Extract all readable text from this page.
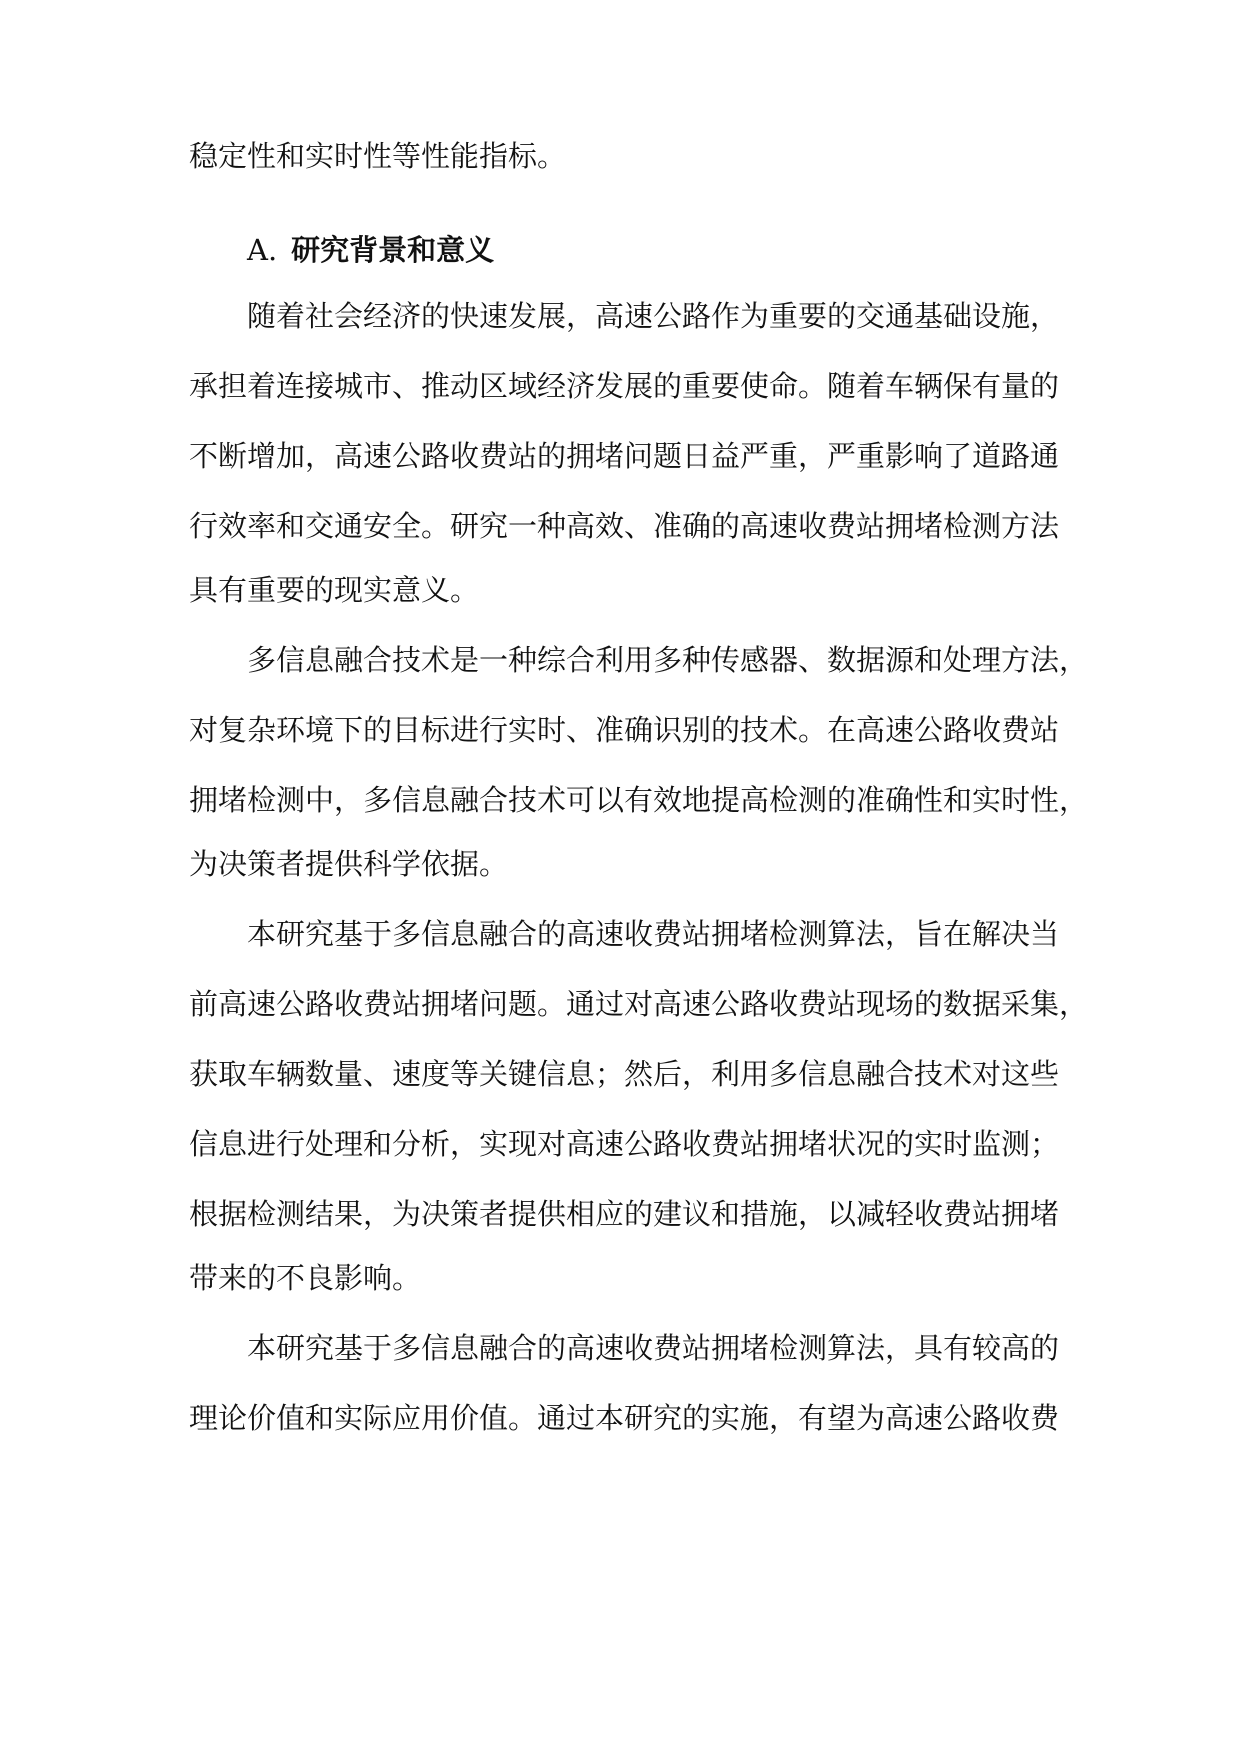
稳定性和实时性等性能指标。
A. 研究背景和意义
随着社会经济的快速发展，高速公路作为重要的交通基础设施，
承担着连接城市、推动区域经济发展的重要使命。随着车辆保有量的
不断增加，高速公路收费站的拥堵问题日益严重，严重影响了道路通
行效率和交通安全。研究一种高效、准确的高速收费站拥堵检测方法
具有重要的现实意义。
多信息融合技术是一种综合利用多种传感器、数据源和处理方法，
对复杂环境下的目标进行实时、准确识别的技术。在高速公路收费站
拥堵检测中，多信息融合技术可以有效地提高检测的准确性和实时性，
为决策者提供科学依据。
本研究基于多信息融合的高速收费站拥堵检测算法，旨在解决当
前高速公路收费站拥堵问题。通过对高速公路收费站现场的数据采集，
获取车辆数量、速度等关键信息；然后，利用多信息融合技术对这些
信息进行处理和分析，实现对高速公路收费站拥堵状况的实时监测；
根据检测结果，为决策者提供相应的建议和措施，以减轻收费站拥堵
带来的不良影响。
本研究基于多信息融合的高速收费站拥堵检测算法，具有较高的
理论价值和实际应用价值。通过本研究的实施，有望为高速公路收费
